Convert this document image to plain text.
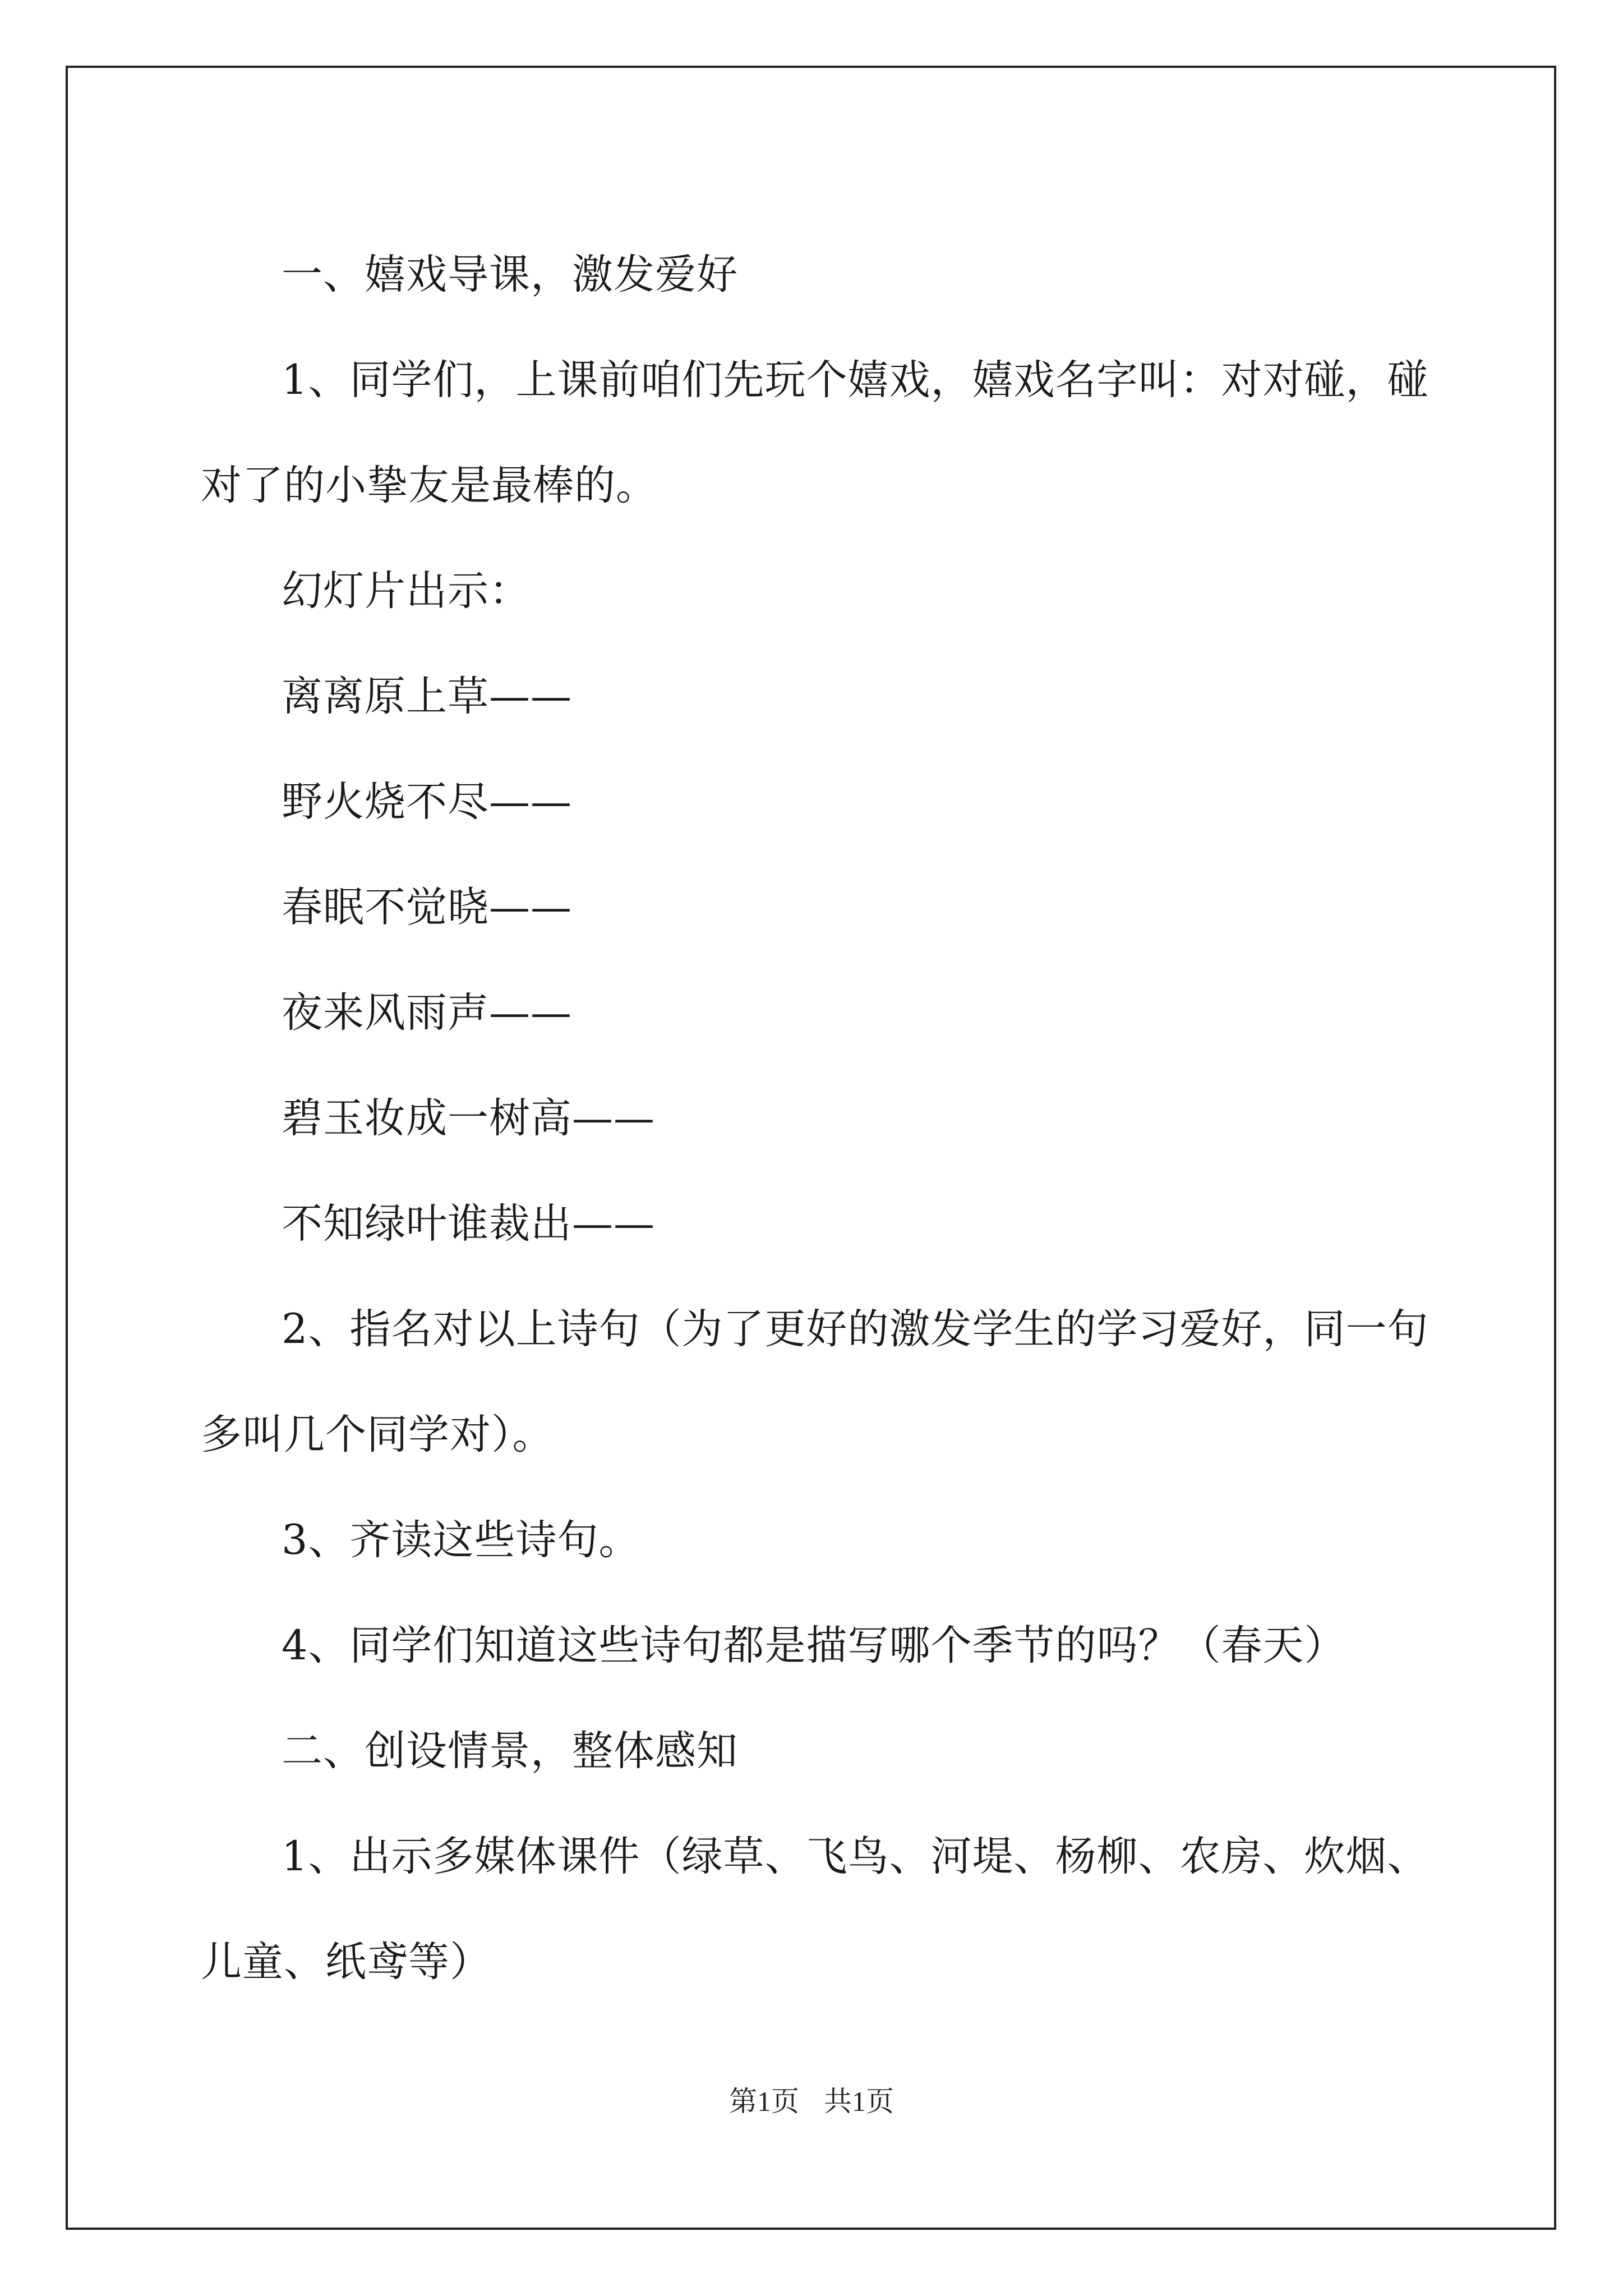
一、嬉戏导课，激发爱好

1、同学们，上课前咱们先玩个嬉戏，嬉戏名字叫：对对碰，碰对了的小挚友是最棒的。

幻灯片出示：

离离原上草——

野火烧不尽——

春眠不觉晓——

夜来风雨声——

碧玉妆成一树高——

不知绿叶谁裁出——

2、指名对以上诗句（为了更好的激发学生的学习爱好，同一句多叫几个同学对）。

3、齐读这些诗句。

4、同学们知道这些诗句都是描写哪个季节的吗？（春天）

二、创设情景，整体感知

1、出示多媒体课件（绿草、飞鸟、河堤、杨柳、农房、炊烟、儿童、纸鸢等）

第1页 共1页
